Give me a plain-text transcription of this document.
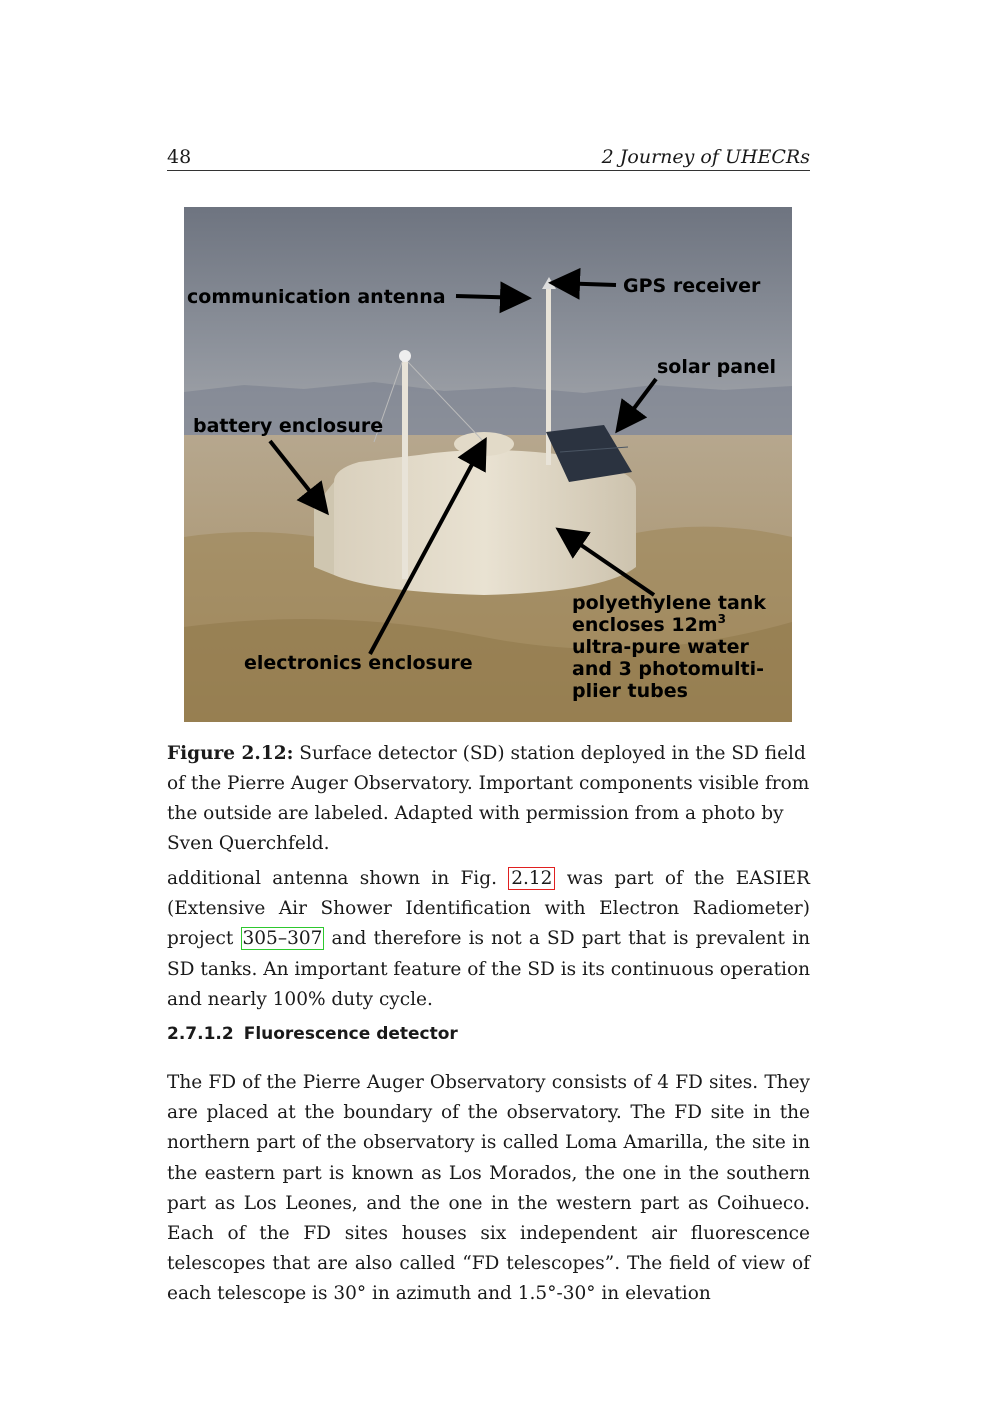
48	2 Journey of UHECRs
communication antenna	GPS receiver
solar panel
battery enclosure
electronics enclosure
polyethylene tank
encloses $12m^3$
ultra-pure water
and 3 photomulti-
plier tubes
Figure 2.12: Surface detector (SD) station deployed in the SD field of the Pierre Auger Observatory. Important components visible from the outside are labeled. Adapted with permission from a photo by Sven Querchfeld.
additional antenna shown in Fig. 2.12 was part of the EASIER (Extensive Air Shower Identification with Electron Radiometer) project 305–307 and therefore is not a SD part that is prevalent in SD tanks. An important feature of the SD is its continuous operation and nearly 100% duty cycle.
2.7.1.2 Fluorescence detector
The FD of the Pierre Auger Observatory consists of 4 FD sites. They are placed at the boundary of the observatory. The FD site in the northern part of the observatory is called Loma Amarilla, the site in the eastern part is known as Los Morados, the one in the southern part as Los Leones, and the one in the western part as Coihueco. Each of the FD sites houses six independent air fluorescence telescopes that are also called “FD telescopes”. The field of view of each telescope is 30° in azimuth and 1.5°-30° in elevation
